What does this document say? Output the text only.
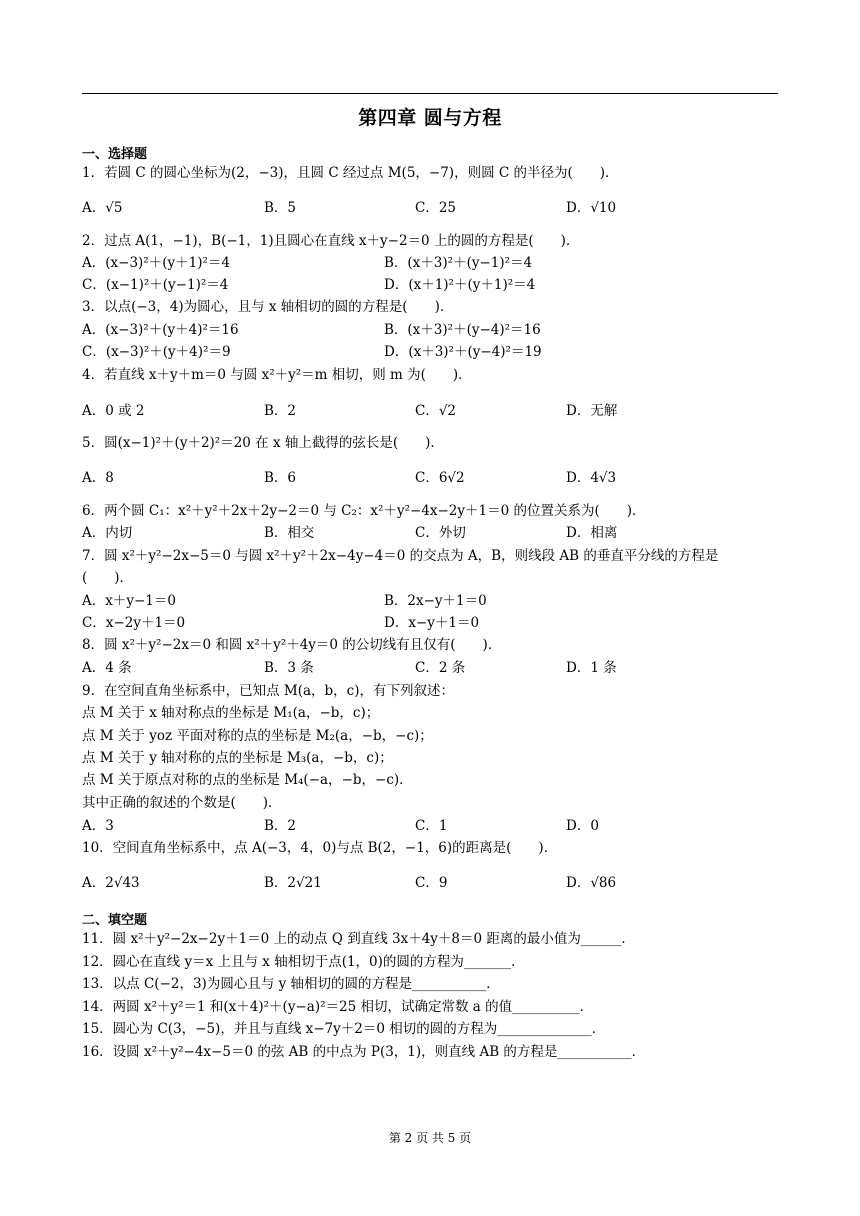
第四章 圆与方程
一、选择题
1．若圆 C 的圆心坐标为(2，−3)，且圆 C 经过点 M(5，−7)，则圆 C 的半径为(　　)．
A．√5	B．5	C．25	D．√10
2．过点 A(1，−1)，B(−1，1)且圆心在直线 x＋y−2＝0 上的圆的方程是(　　)．
A．(x−3)²＋(y＋1)²＝4	B．(x＋3)²＋(y−1)²＝4
C．(x−1)²＋(y−1)²＝4	D．(x＋1)²＋(y＋1)²＝4
3．以点(−3，4)为圆心，且与 x 轴相切的圆的方程是(　　)．
A．(x−3)²＋(y＋4)²＝16	B．(x＋3)²＋(y−4)²＝16
C．(x−3)²＋(y＋4)²＝9	D．(x＋3)²＋(y−4)²＝19
4．若直线 x＋y＋m＝0 与圆 x²＋y²＝m 相切，则 m 为(　　)．
A．0 或 2	B．2	C．√2	D．无解
5．圆(x−1)²＋(y＋2)²＝20 在 x 轴上截得的弦长是(　　)．
A．8	B．6	C．6√2	D．4√3
6．两个圆 C₁：x²＋y²＋2x＋2y−2＝0 与 C₂：x²＋y²−4x−2y＋1＝0 的位置关系为(　　)．
A．内切	B．相交	C．外切	D．相离
7．圆 x²＋y²−2x−5＝0 与圆 x²＋y²＋2x−4y−4＝0 的交点为 A，B，则线段 AB 的垂直平分线的方程是
(　　)．
A．x＋y−1＝0	B．2x−y＋1＝0
C．x−2y＋1＝0	D．x−y＋1＝0
8．圆 x²＋y²−2x＝0 和圆 x²＋y²＋4y＝0 的公切线有且仅有(　　)．
A．4 条	B．3 条	C．2 条	D．1 条
9．在空间直角坐标系中，已知点 M(a，b，c)，有下列叙述：
点 M 关于 x 轴对称点的坐标是 M₁(a，−b，c)；
点 M 关于 yoz 平面对称的点的坐标是 M₂(a，−b，−c)；
点 M 关于 y 轴对称的点的坐标是 M₃(a，−b，c)；
点 M 关于原点对称的点的坐标是 M₄(−a，−b，−c)．
其中正确的叙述的个数是(　　)．
A．3	B．2	C．1	D．0
10．空间直角坐标系中，点 A(−3，4，0)与点 B(2，−1，6)的距离是(　　)．
A．2√43	B．2√21	C．9	D．√86
二、填空题
11．圆 x²＋y²−2x−2y＋1＝0 上的动点 Q 到直线 3x＋4y＋8＝0 距离的最小值为______．
12．圆心在直线 y＝x 上且与 x 轴相切于点(1，0)的圆的方程为_______．
13．以点 C(−2，3)为圆心且与 y 轴相切的圆的方程是___________．
14．两圆 x²＋y²＝1 和(x＋4)²＋(y−a)²＝25 相切，试确定常数 a 的值__________．
15．圆心为 C(3，−5)，并且与直线 x−7y＋2＝0 相切的圆的方程为______________．
16．设圆 x²＋y²−4x−5＝0 的弦 AB 的中点为 P(3，1)，则直线 AB 的方程是___________．
第 2 页 共 5 页
